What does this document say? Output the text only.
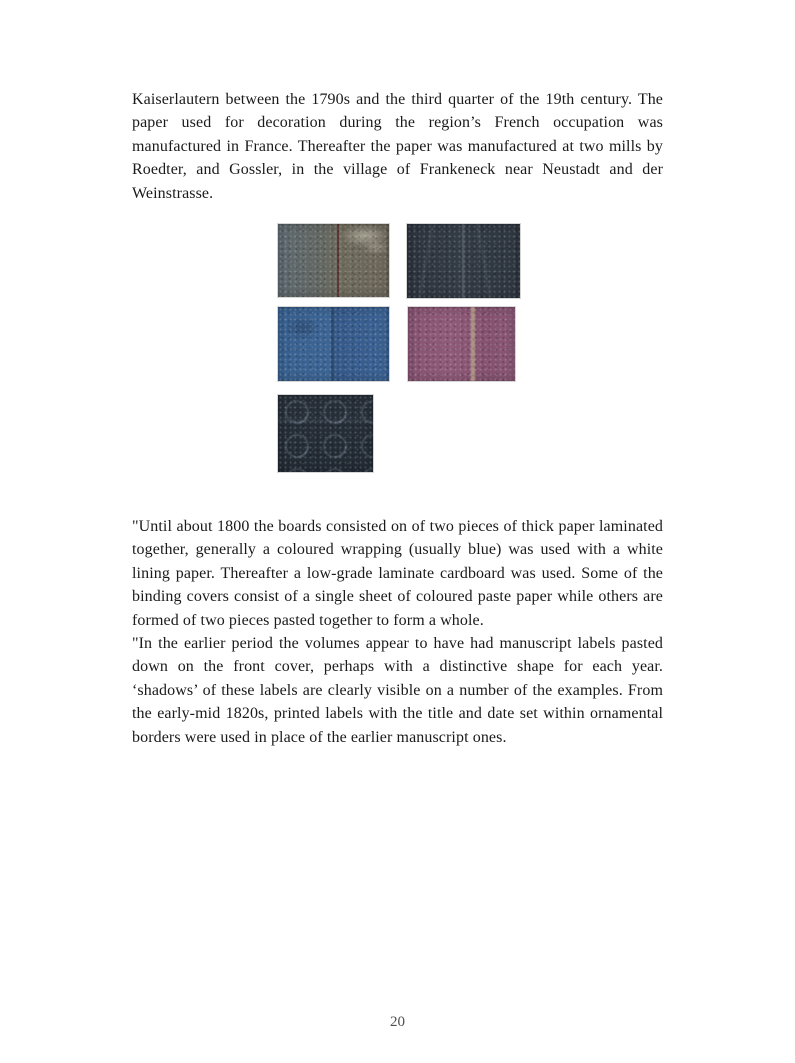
Kaiserlautern between the 1790s and the third quarter of the 19th century. The paper used for decoration during the region’s French occupation was manufactured in France. Thereafter the paper was manufactured at two mills by Roedter, and Gossler, in the village of Frankeneck near Neustadt and der Weinstrasse.

"Until about 1800 the boards consisted on of two pieces of thick paper laminated together, generally a coloured wrapping (usually blue) was used with a white lining paper. Thereafter a low-grade laminate cardboard was used. Some of the binding covers consist of a single sheet of coloured paste paper while others are formed of two pieces pasted together to form a whole.

"In the earlier period the volumes appear to have had manuscript labels pasted down on the front cover, perhaps with a distinctive shape for each year. ‘shadows’ of these labels are clearly visible on a number of the examples. From the early-mid 1820s, printed labels with the title and date set within ornamental borders were used in place of the earlier manuscript ones.

20
